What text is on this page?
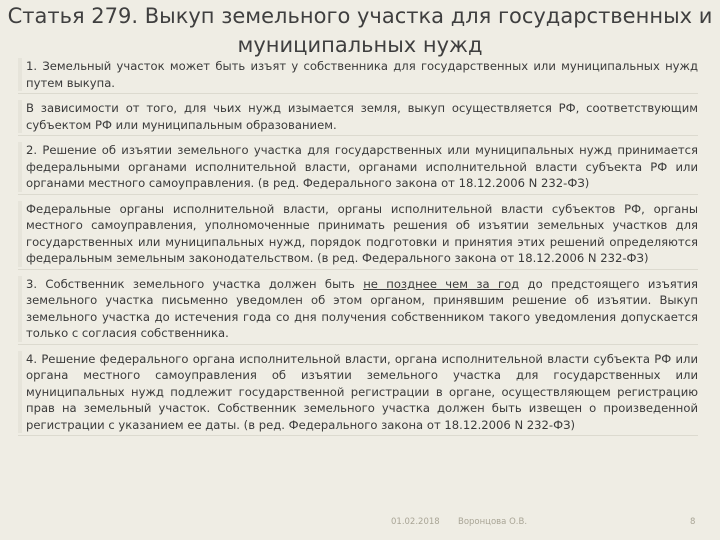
Статья 279. Выкуп земельного участка для государственных и
муниципальных нужд
1. Земельный участок может быть изъят у собственника для государственных или муниципальных нужд путем выкупа.
В зависимости от того, для чьих нужд изымается земля, выкуп осуществляется РФ, соответствующим субъектом РФ или муниципальным образованием.
2. Решение об изъятии земельного участка для государственных или муниципальных нужд принимается федеральными органами исполнительной власти, органами исполнительной власти субъекта РФ или органами местного самоуправления. (в ред. Федерального закона от 18.12.2006 N 232-ФЗ)
Федеральные органы исполнительной власти, органы исполнительной власти субъектов РФ, органы местного самоуправления, уполномоченные принимать решения об изъятии земельных участков для государственных или муниципальных нужд, порядок подготовки и принятия этих решений определяются федеральным земельным законодательством. (в ред. Федерального закона от 18.12.2006 N 232-ФЗ)
3. Собственник земельного участка должен быть не позднее чем за год до предстоящего изъятия земельного участка письменно уведомлен об этом органом, принявшим решение об изъятии. Выкуп земельного участка до истечения года со дня получения собственником такого уведомления допускается только с согласия собственника.
4. Решение федерального органа исполнительной власти, органа исполнительной власти субъекта РФ или органа местного самоуправления об изъятии земельного участка для государственных или муниципальных нужд подлежит государственной регистрации в органе, осуществляющем регистрацию прав на земельный участок. Собственник земельного участка должен быть извещен о произведенной регистрации с указанием ее даты. (в ред. Федерального закона от 18.12.2006 N 232-ФЗ)
01.02.2018 Воронцова О.В.	8
